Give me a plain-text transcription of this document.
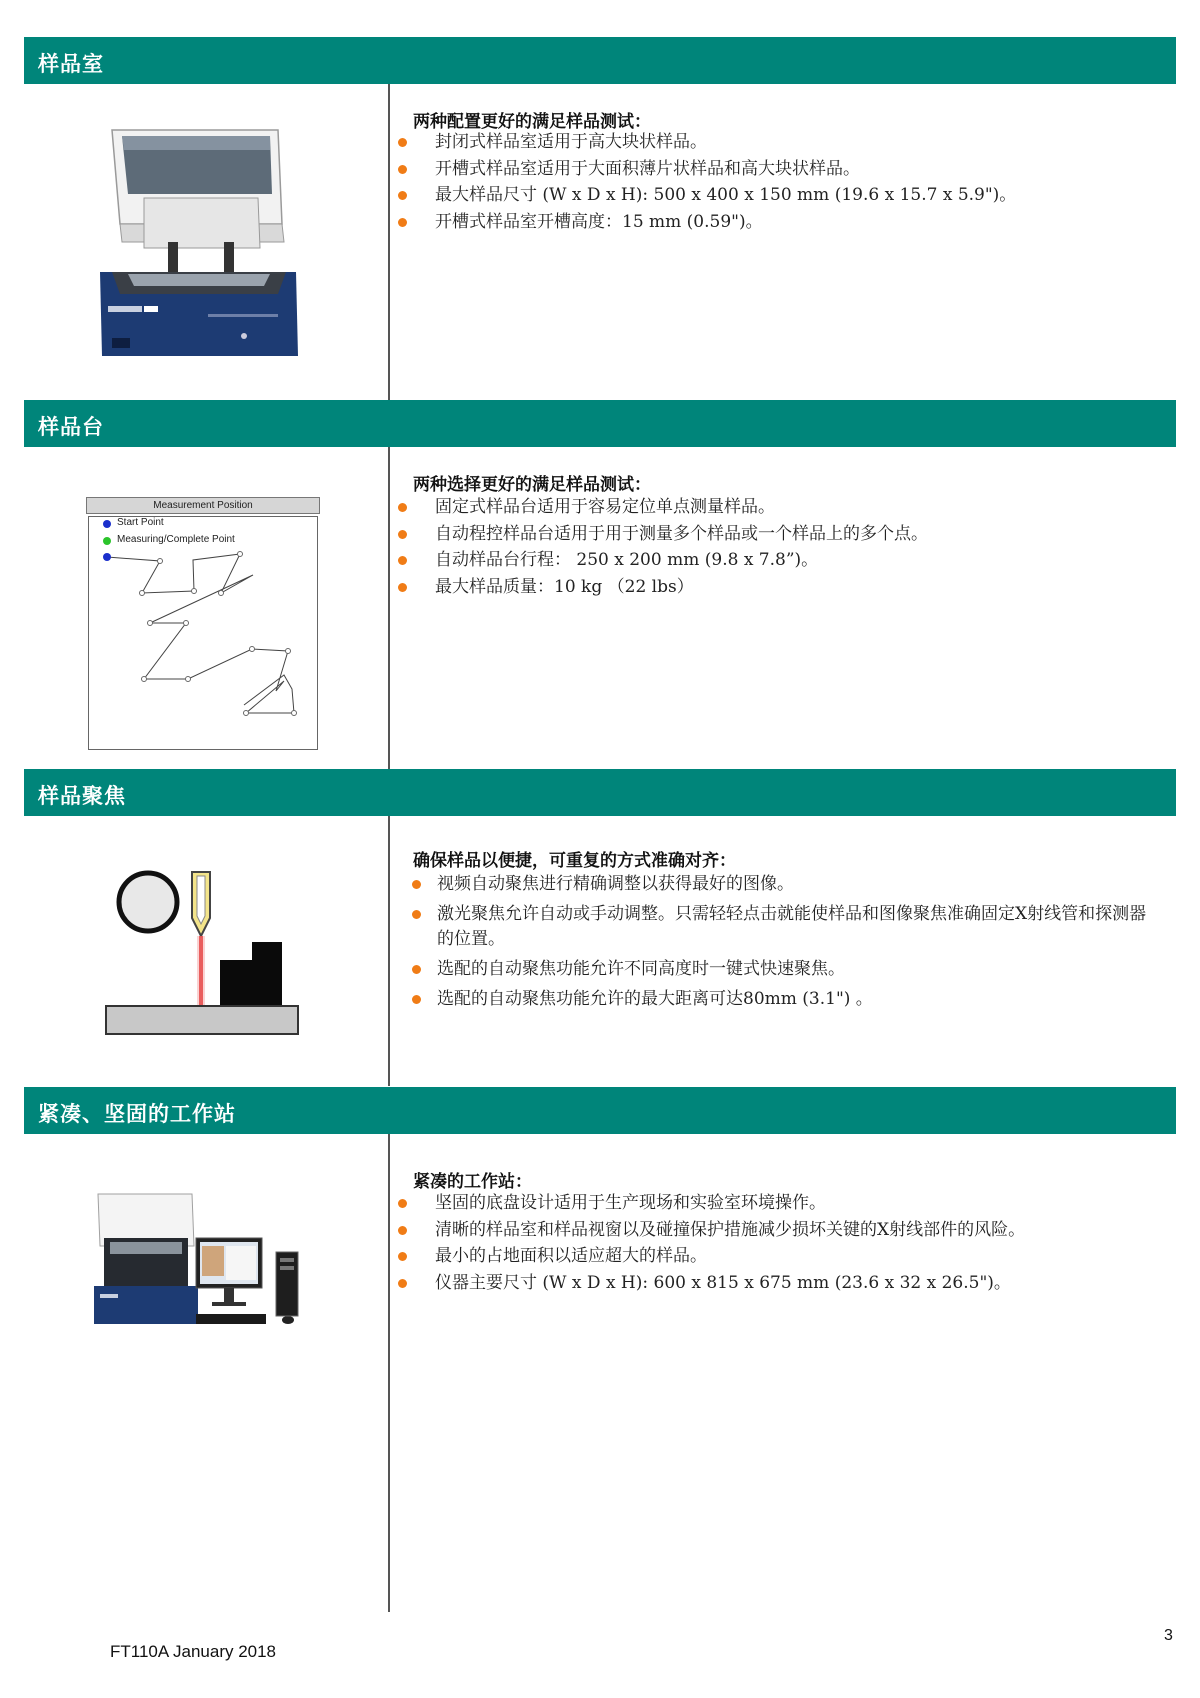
样品室
两种配置更好的满足样品测试：
封闭式样品室适用于高大块状样品。
开槽式样品室适用于大面积薄片状样品和高大块状样品。
最大样品尺寸 (W x D x H): 500 x 400 x 150 mm (19.6 x 15.7 x 5.9")。
开槽式样品室开槽高度：15 mm (0.59")。
样品台
Measurement Position
Start Point
Measuring/Complete Point
两种选择更好的满足样品测试：
固定式样品台适用于容易定位单点测量样品。
自动程控样品台适用于用于测量多个样品或一个样品上的多个点。
自动样品台行程： 250 x 200 mm (9.8 x 7.8”)。
最大样品质量：10 kg （22 lbs）
样品聚焦
确保样品以便捷，可重复的方式准确对齐：
视频自动聚焦进行精确调整以获得最好的图像。
激光聚焦允许自动或手动调整。只需轻轻点击就能使样品和图像聚焦准确固定X射线管和探测器的位置。
选配的自动聚焦功能允许不同高度时一键式快速聚焦。
选配的自动聚焦功能允许的最大距离可达80mm (3.1") 。
紧凑、坚固的工作站
紧凑的工作站：
坚固的底盘设计适用于生产现场和实验室环境操作。
清晰的样品室和样品视窗以及碰撞保护措施减少损坏关键的X射线部件的风险。
最小的占地面积以适应超大的样品。
仪器主要尺寸 (W x D x H): 600 x 815 x 675 mm (23.6 x 32 x 26.5")。
FT110A January 2018
3
